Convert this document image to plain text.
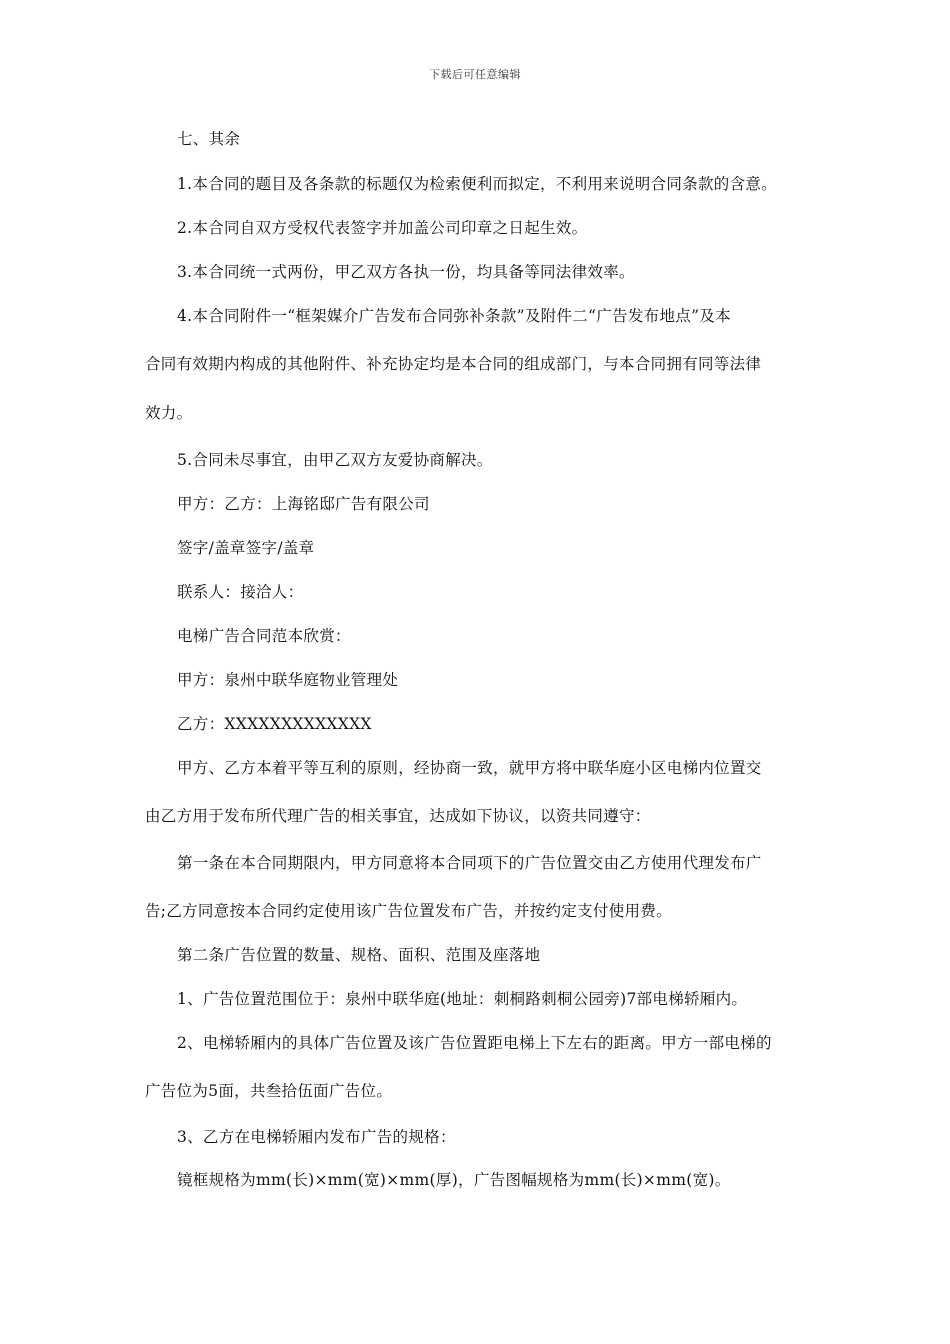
下载后可任意编辑
七、其余
1.本合同的题目及各条款的标题仅为检索便利而拟定，不利用来说明合同条款的含意。
2.本合同自双方受权代表签字并加盖公司印章之日起生效。
3.本合同统一式两份，甲乙双方各执一份，均具备等同法律效率。
4.本合同附件一“框架媒介广告发布合同弥补条款”及附件二“广告发布地点”及本
合同有效期内构成的其他附件、补充协定均是本合同的组成部门，与本合同拥有同等法律
效力。
5.合同未尽事宜，由甲乙双方友爱协商解决。
甲方：乙方：上海铭邸广告有限公司
签字/盖章签字/盖章
联系人：接洽人：
电梯广告合同范本欣赏：
甲方：泉州中联华庭物业管理处
乙方：XXXXXXXXXXXXX
甲方、乙方本着平等互利的原则，经协商一致，就甲方将中联华庭小区电梯内位置交
由乙方用于发布所代理广告的相关事宜，达成如下协议，以资共同遵守：
第一条在本合同期限内，甲方同意将本合同项下的广告位置交由乙方使用代理发布广
告;乙方同意按本合同约定使用该广告位置发布广告，并按约定支付使用费。
第二条广告位置的数量、规格、面积、范围及座落地
1、广告位置范围位于：泉州中联华庭(地址：刺桐路刺桐公园旁)7部电梯轿厢内。
2、电梯轿厢内的具体广告位置及该广告位置距电梯上下左右的距离。甲方一部电梯的
广告位为5面，共叁拾伍面广告位。
3、乙方在电梯轿厢内发布广告的规格：
镜框规格为mm(长)×mm(宽)×mm(厚)，广告图幅规格为mm(长)×mm(宽)。
